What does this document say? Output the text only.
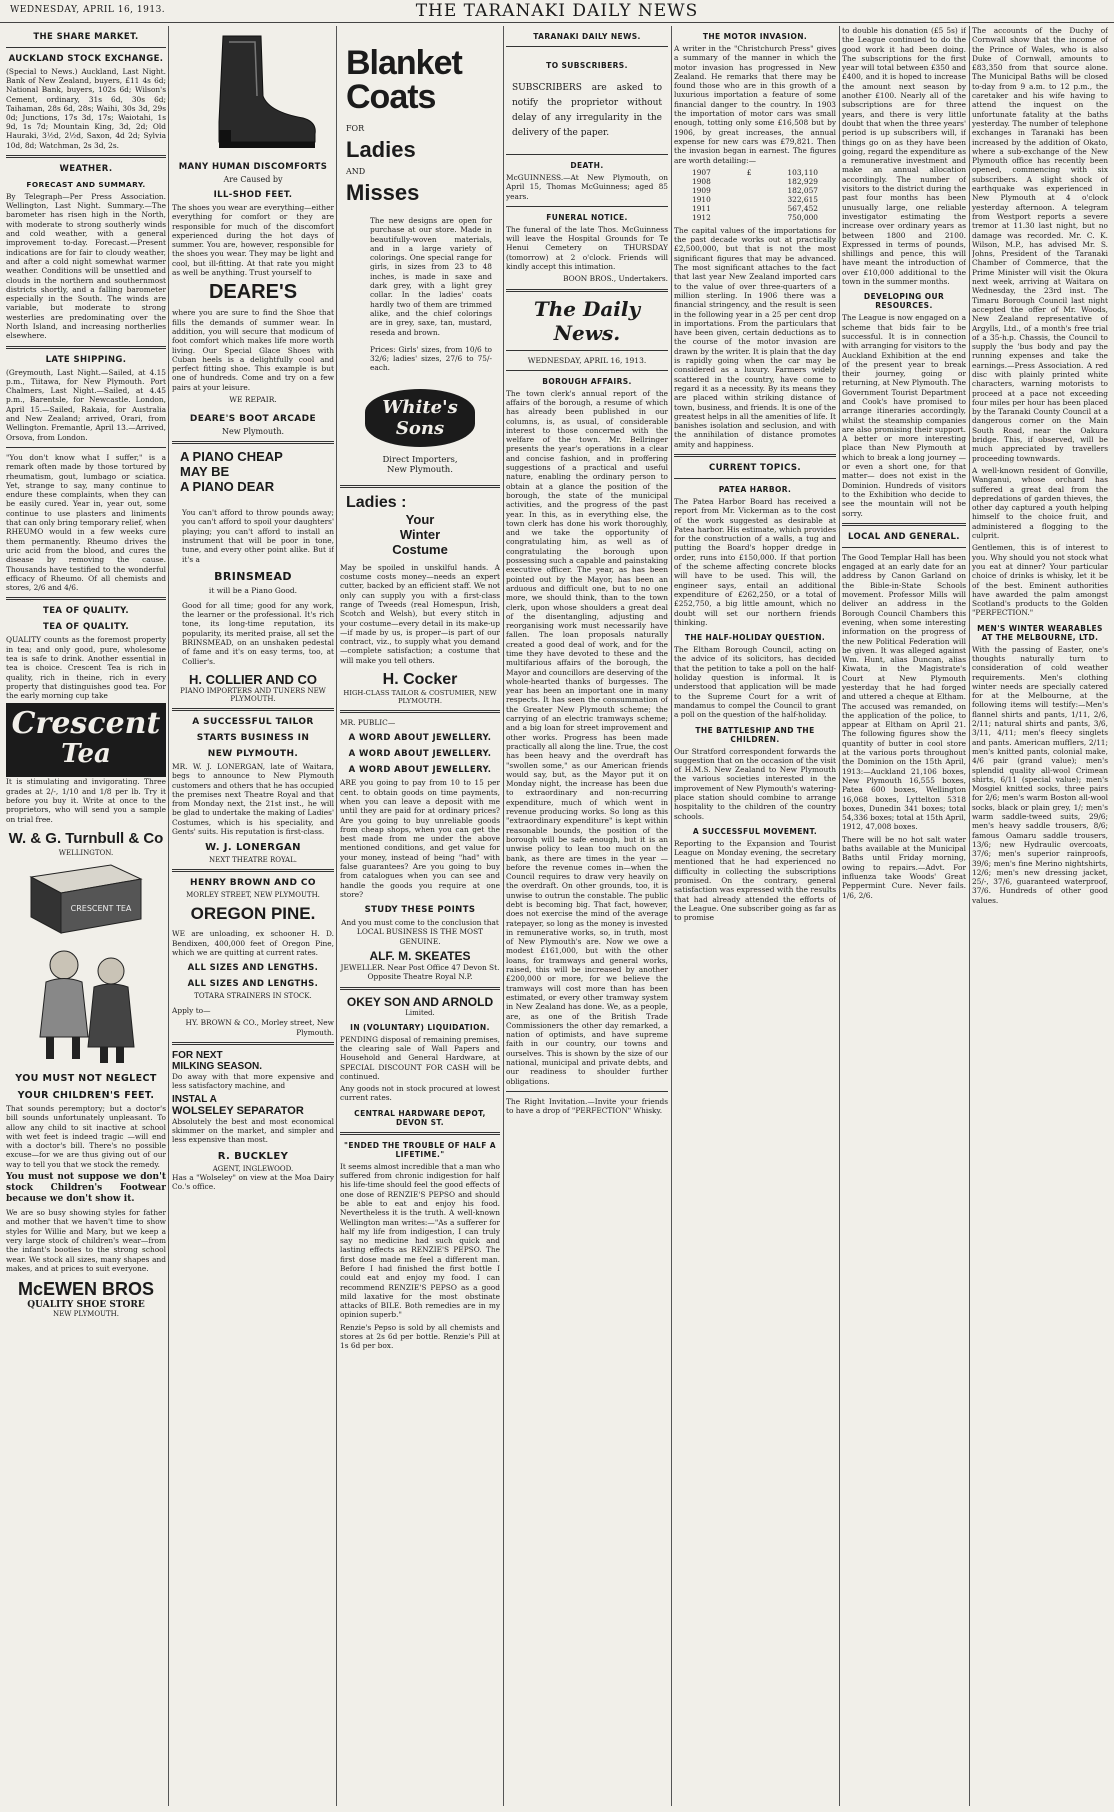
WEDNESDAY, APRIL 16, 1913.	THE TARANAKI DAILY NEWS
THE SHARE MARKET.
AUCKLAND STOCK EXCHANGE.

(Special to News.) Auckland, Last Night. Bank of New Zealand, buyers, £11 4s 6d; National Bank, buyers, 102s 6d; Wilson's Cement, ordinary, 31s 6d, 30s 6d; Taihaman, 28s 6d, 28s; Waihi, 30s 3d, 29s 0d; Junctions, 17s 3d, 17s; Waiotahi, 1s 9d, 1s 7d; Mountain King, 3d, 2d; Old Hauraki, 3½d, 2½d, Saxon, 4d 2d; Sylvia 10d, 8d; Watchman, 2s 3d, 2s.

WEATHER.
FORECAST AND SUMMARY.

By Telegraph—Per Press Association. Wellington, Last Night. Summary.—The barometer has risen high in the North, with moderate to strong southerly winds and cold weather, with a general improvement to-day. Forecast.—Present indications are for fair to cloudy weather, and after a cold night somewhat warmer weather. Conditions will be unsettled and clouds in the northern and southernmost districts shortly, and a falling barometer especially in the South. The winds are variable, but moderate to strong westerlies are predominating over the North Island, and increasing northerlies elsewhere.

LATE SHIPPING.

(Greymouth, Last Night.—Sailed, at 4.15 p.m., Tiitawa, for New Plymouth. Port Chalmers, Last Night.—Sailed, at 4.45 p.m., Barentsle, for Newcastle. London, April 15.—Sailed, Rakaia, for Australia and New Zealand; arrived, Orari, from Wellington. Fremantle, April 13.—Arrived, Orsova, from London.

"You don't know what I suffer," is a remark often made by those tortured by rheumatism, gout, lumbago or sciatica. Yet, strange to say, many continue to endure these complaints, when they can be easily cured. Year in, year out, some continue to use plasters and liniments that can only bring temporary relief, when RHEUMO would in a few weeks cure them permanently. Rheumo drives the uric acid from the blood, and cures the disease by removing the cause. Thousands have testified to the wonderful efficacy of Rheumo. Of all chemists and stores, 2/6 and 4/6.

TEA OF QUALITY.
TEA OF QUALITY.

QUALITY counts as the foremost property in tea; and only good, pure, wholesome tea is safe to drink. Another essential in tea is choice. Crescent Tea is rich in quality, rich in theine, rich in every property that distinguishes good tea. For the early morning cup take

Crescent
Tea

It is stimulating and invigorating. Three grades at 2/-, 1/10 and 1/8 per lb. Try it before you buy it. Write at once to the proprietors, who will send you a sample on trial free.

W. & G. Turnbull & Co
WELLINGTON.
CRESCENT TEA
YOU MUST NOT NEGLECT
YOUR CHILDREN'S FEET.

That sounds peremptory; but a doctor's bill sounds unfortunately unpleasant. To allow any child to sit inactive at school with wet feet is indeed tragic —will end with a doctor's bill. There's no possible excuse—for we are thus giving out of our way to tell you that we stock the remedy.

You must not suppose we don't stock Children's Footwear because we don't show it.

We are so busy showing styles for father and mother that we haven't time to show styles for Willie and Mary, but we keep a very large stock of children's wear—from the infant's booties to the strong school wear. We stock all sizes, many shapes and makes, and at prices to suit everyone.

McEWEN BROS
QUALITY SHOE STORE
NEW PLYMOUTH.
MANY HUMAN DISCOMFORTS
Are Caused by
ILL-SHOD FEET.

The shoes you wear are everything—either everything for comfort or they are responsible for much of the discomfort experienced during the hot days of summer. You are, however, responsible for the shoes you wear. They may be light and cool, but ill-fitting. At that rate you might as well be anything. Trust yourself to

DEARE'S

where you are sure to find the Shoe that fills the demands of summer wear. In addition, you will secure that modicum of foot comfort which makes life more worth living. Our Special Glace Shoes with Cuban heels is a delightfully cool and perfect fitting shoe. This example is but one of hundreds. Come and try on a few pairs at your leisure.

WE REPAIR.
DEARE'S BOOT ARCADE
New Plymouth.
A PIANO CHEAP
MAY BE
A PIANO DEAR

You can't afford to throw pounds away; you can't afford to spoil your daughters' playing; you can't afford to install an instrument that will be poor in tone, tune, and every other point alike. But if it's a

BRINSMEAD
it will be a Piano Good.

Good for all time; good for any work, the learner or the professional. It's rich tone, its long-time reputation, its popularity, its merited praise, all set the BRINSMEAD, on an unshaken pedestal of fame and it's on easy terms, too, at Collier's.

H. COLLIER AND CO
PIANO IMPORTERS AND TUNERS NEW PLYMOUTH.
A SUCCESSFUL TAILOR
STARTS BUSINESS IN
NEW PLYMOUTH.

MR. W. J. LONERGAN, late of Waitara, begs to announce to New Plymouth customers and others that he has occupied the premises next Theatre Royal and that from Monday next, the 21st inst., he will be glad to undertake the making of Ladies' Costumes, which is his speciality, and Gents' suits. His reputation is first-class.

W. J. LONERGAN
NEXT THEATRE ROYAL.
HENRY BROWN AND CO
MORLEY STREET, NEW PLYMOUTH.
OREGON PINE.

WE are unloading, ex schooner H. D. Bendixen, 400,000 feet of Oregon Pine, which we are quitting at current rates.

ALL SIZES AND LENGTHS.
ALL SIZES AND LENGTHS.
TOTARA STRAINERS IN STOCK.

Apply to—

HY. BROWN & CO., Morley street, New Plymouth.

FOR NEXT
MILKING SEASON.

Do away with that more expensive and less satisfactory machine, and

INSTAL A
WOLSELEY SEPARATOR

Absolutely the best and most economical skimmer on the market, and simpler and less expensive than most.

R. BUCKLEY
AGENT, INGLEWOOD.

Has a "Wolseley" on view at the Moa Dairy Co.'s office.

Blanket
Coats
FOR
Ladies
AND
Misses

The new designs are open for purchase at our store. Made in beautifully-woven materials, and in a large variety of colorings. One special range for girls, in sizes from 23 to 48 inches, is made in saxe and dark grey, with a light grey collar. In the ladies' coats hardly two of them are trimmed alike, and the chief colorings are in grey, saxe, tan, mustard, reseda and brown.

Prices: Girls' sizes, from 10/6 to 32/6; ladies' sizes, 27/6 to 75/- each.

White's Sons
Direct Importers,
New Plymouth.
Ladies :
Your
Winter
Costume

May be spoiled in unskilful hands. A costume costs money—needs an expert cutter, backed by an efficient staff. We not only can supply you with a first-class range of Tweeds (real Homespun, Irish, Scotch and Welsh), but every stitch in your costume—every detail in its make-up—if made by us, is proper—is part of our contract, viz., to supply what you demand—complete satisfaction; a costume that will make you tell others.

H. Cocker
HIGH-CLASS TAILOR & COSTUMIER, NEW PLYMOUTH.

MR. PUBLIC—

A WORD ABOUT JEWELLERY.
A WORD ABOUT JEWELLERY.
A WORD ABOUT JEWELLERY.

ARE you going to pay from 10 to 15 per cent. to obtain goods on time payments, when you can leave a deposit with me until they are paid for at ordinary prices? Are you going to buy unreliable goods from cheap shops, when you can get the best made from me under the above mentioned conditions, and get value for your money, instead of being "had" with false guarantees? Are you going to buy from catalogues when you can see and handle the goods you require at one store?

STUDY THESE POINTS

And you must come to the conclusion that LOCAL BUSINESS IS THE MOST GENUINE.

ALF. M. SKEATES

JEWELLER. Near Post Office 47 Devon St. Opposite Theatre Royal N.P.

OKEY SON AND ARNOLD
Limited.
IN (VOLUNTARY) LIQUIDATION.

PENDING disposal of remaining premises, the clearing sale of Wall Papers and Household and General Hardware, at SPECIAL DISCOUNT FOR CASH will be continued.

Any goods not in stock procured at lowest current rates.

CENTRAL HARDWARE DEPOT, DEVON ST.
"ENDED THE TROUBLE OF HALF A LIFETIME."

It seems almost incredible that a man who suffered from chronic indigestion for half his life-time should feel the good effects of one dose of RENZIE'S PEPSO and should be able to eat and enjoy his food. Nevertheless it is the truth. A well-known Wellington man writes:—"As a sufferer for half my life from indigestion, I can truly say no medicine had such quick and lasting effects as RENZIE'S PEPSO. The first dose made me feel a different man. Before I had finished the first bottle I could eat and enjoy my food. I can recommend RENZIE'S PEPSO as a good mild laxative for the most obstinate attacks of BILE. Both remedies are in my opinion superb."

Renzie's Pepso is sold by all chemists and stores at 2s 6d per bottle. Renzie's Pill at 1s 6d per box.

TARANAKI DAILY NEWS.
TO SUBSCRIBERS.

SUBSCRIBERS are asked to notify the proprietor without delay of any irregularity in the delivery of the paper.

DEATH.

McGUINNESS.—At New Plymouth, on April 15, Thomas McGuinness; aged 85 years.

FUNERAL NOTICE.

The funeral of the late Thos. McGuinness will leave the Hospital Grounds for Te Henui Cemetery on THURSDAY (tomorrow) at 2 o'clock. Friends will kindly accept this intimation.

BOON BROS., Undertakers.

The Daily News.
WEDNESDAY, APRIL 16, 1913.
BOROUGH AFFAIRS.

The town clerk's annual report of the affairs of the borough, a resume of which has already been published in our columns, is, as usual, of considerable interest to those concerned with the welfare of the town. Mr. Bellringer presents the year's operations in a clear and concise fashion, and in proffering suggestions of a practical and useful nature, enabling the ordinary person to obtain at a glance the position of the borough, the state of the municipal activities, and the progress of the past year. In this, as in everything else, the town clerk has done his work thoroughly, and we take the opportunity of congratulating him, as well as of congratulating the borough upon possessing such a capable and painstaking executive officer. The year, as has been pointed out by the Mayor, has been an arduous and difficult one, but to no one more, we should think, than to the town clerk, upon whose shoulders a great deal of the disentangling, adjusting and reorganising work must necessarily have fallen. The loan proposals naturally created a good deal of work, and for the time they have devoted to these and the multifarious affairs of the borough, the Mayor and councillors are deserving of the whole-hearted thanks of burgesses. The year has been an important one in many respects. It has seen the consummation of the Greater New Plymouth scheme; the carrying of an electric tramways scheme; and a big loan for street improvement and other works. Progress has been made practically all along the line. True, the cost has been heavy and the overdraft has "swollen some," as our American friends would say, but, as the Mayor put it on Monday night, the increase has been due to extraordinary and non-recurring expenditure, much of which went in revenue producing works. So long as this "extraordinary expenditure" is kept within reasonable bounds, the position of the borough will be safe enough, but it is an unwise policy to lean too much on the bank, as there are times in the year —before the revenue comes in—when the Council requires to draw very heavily on the overdraft. On other grounds, too, it is unwise to outrun the constable. The public debt is becoming big. That fact, however, does not exercise the mind of the average ratepayer, so long as the money is invested in remunerative works, so, in truth, most of New Plymouth's are. Now we owe a modest £161,000, but with the other loans, for tramways and general works, raised, this will be increased by another £200,000 or more, for we believe the tramways will cost more than has been estimated, or every other tramway system in New Zealand has done. We, as a people, are, as one of the British Trade Commissioners the other day remarked, a nation of optimists, and have supreme faith in our country, our towns and ourselves. This is shown by the size of our national, municipal and private debts, and our readiness to shoulder further obligations.

The Right Invitation.—Invite your friends to have a drop of "PERFECTION" Whisky.

THE MOTOR INVASION.

A writer in the "Christchurch Press" gives a summary of the manner in which the motor invasion has progressed in New Zealand. He remarks that there may be found those who are in this growth of a luxurious importation a feature of some financial danger to the country. In 1903 the importation of motor cars was small enough, totting only some £16,508 but by 1906, by great increases, the annual expense for new cars was £79,821. Then the invasion began in earnest. The figures are worth detailing:—

1907	£	103,110
1908	182,929
1909	182,057
1910	322,615
1911	567,452
1912	750,000

The capital values of the importations for the past decade works out at practically £2,500,000, but that is not the most significant figures that may be advanced. The most significant attaches to the fact that last year New Zealand imported cars to the value of over three-quarters of a million sterling. In 1906 there was a financial stringency, and the result is seen in the following year in a 25 per cent drop in importations. From the particulars that have been given, certain deductions as to the course of the motor invasion are drawn by the writer. It is plain that the day is rapidly going when the car may be considered as a luxury. Farmers widely scattered in the country, have come to regard it as a necessity. By its means they are placed within striking distance of town, business, and friends. It is one of the greatest helps in all the amenities of life. It banishes isolation and seclusion, and with the annihilation of distance promotes amity and happiness.

CURRENT TOPICS.
PATEA HARBOR.

The Patea Harbor Board has received a report from Mr. Vickerman as to the cost of the work suggested as desirable at Patea harbor. His estimate, which provides for the construction of a walls, a tug and putting the Board's hopper dredge in order, runs into £150,000. If that portion of the scheme affecting concrete blocks will have to be used. This will, the engineer says, entail an additional expenditure of £262,250, or a total of £252,750, a big little amount, which no doubt will set our northern friends thinking.

THE HALF-HOLIDAY QUESTION.

The Eltham Borough Council, acting on the advice of its solicitors, has decided that the petition to take a poll on the half-holiday question is informal. It is understood that application will be made to the Supreme Court for a writ of mandamus to compel the Council to grant a poll on the question of the half-holiday.

THE BATTLESHIP AND THE CHILDREN.

Our Stratford correspondent forwards the suggestion that on the occasion of the visit of H.M.S. New Zealand to New Plymouth the various societies interested in the improvement of New Plymouth's watering-place station should combine to arrange hospitality to the children of the country schools.

A SUCCESSFUL MOVEMENT.

Reporting to the Expansion and Tourist League on Monday evening, the secretary mentioned that he had experienced no difficulty in collecting the subscriptions promised. On the contrary, general satisfaction was expressed with the results that had already attended the efforts of the League. One subscriber going as far as to promise

to double his donation (£5 5s) if the League continued to do the good work it had been doing. The subscriptions for the first year will total between £350 and £400, and it is hoped to increase the amount next season by another £100. Nearly all of the subscriptions are for three years, and there is very little doubt that when the three years' period is up subscribers will, if things go on as they have been going, regard the expenditure as a remunerative investment and make an annual allocation accordingly. The number of visitors to the district during the past four months has been unusually large, one reliable investigator estimating the increase over ordinary years as between 1800 and 2100. Expressed in terms of pounds, shillings and pence, this will have meant the introduction of over £10,000 additional to the town in the summer months.

DEVELOPING OUR RESOURCES.

The League is now engaged on a scheme that bids fair to be successful. It is in connection with arranging for visitors to the Auckland Exhibition at the end of the present year to break their journey, going or returning, at New Plymouth. The Government Tourist Department and Cook's have promised to arrange itineraries accordingly, whilst the steamship companies are also promising their support. A better or more interesting place than New Plymouth at which to break a long journey —or even a short one, for that matter— does not exist in the Dominion. Hundreds of visitors to the Exhibition who decide to see the mountain will not be sorry.

LOCAL AND GENERAL.

The Good Templar Hall has been engaged at an early date for an address by Canon Garland on the Bible-in-State Schools movement. Professor Mills will deliver an address in the Borough Council Chambers this evening, when some interesting information on the progress of the new Political Federation will be given. It was alleged against Wm. Hunt, alias Duncan, alias Kiwata, in the Magistrate's Court at New Plymouth yesterday that he had forged and uttered a cheque at Eltham. The accused was remanded, on the application of the police, to appear at Eltham on April 21. The following figures show the quantity of butter in cool store at the various ports throughout the Dominion on the 15th April, 1913:—Auckland 21,106 boxes, New Plymouth 16,555 boxes, Patea 600 boxes, Wellington 16,068 boxes, Lyttelton 5318 boxes, Dunedin 341 boxes; total 54,336 boxes; total at 15th April, 1912, 47,008 boxes.

There will be no hot salt water baths available at the Municipal Baths until Friday morning, owing to repairs.—Advt. For influenza take Woods' Great Peppermint Cure. Never fails. 1/6, 2/6.

The accounts of the Duchy of Cornwall show that the income of the Prince of Wales, who is also Duke of Cornwall, amounts to £83,350 from that source alone. The Municipal Baths will be closed to-day from 9 a.m. to 12 p.m., the caretaker and his wife having to attend the inquest on the unfortunate fatality at the baths yesterday. The number of telephone exchanges in Taranaki has been increased by the addition of Okato, where a sub-exchange of the New Plymouth office has recently been opened, commencing with six subscribers. A slight shock of earthquake was experienced in New Plymouth at 4 o'clock yesterday afternoon. A telegram from Westport reports a severe tremor at 11.30 last night, but no damage was recorded. Mr. C. K. Wilson, M.P., has advised Mr. S. Johns, President of the Taranaki Chamber of Commerce, that the Prime Minister will visit the Okura next week, arriving at Waitara on Wednesday, the 23rd inst. The Timaru Borough Council last night accepted the offer of Mr. Woods, New Zealand representative of Argylls, Ltd., of a month's free trial of a 35-h.p. Chassis, the Council to supply the 'bus body and pay the running expenses and take the earnings.—Press Association. A red disc with plainly printed white characters, warning motorists to proceed at a pace not exceeding four miles per hour has been placed by the Taranaki County Council at a dangerous corner on the Main South Road, near the Oakura bridge. This, if observed, will be much appreciated by travellers proceeding townwards.

A well-known resident of Gonville, Wanganui, whose orchard has suffered a great deal from the depredations of garden thieves, the other day captured a youth helping himself to the choice fruit, and administered a flogging to the culprit.

Gentlemen, this is of interest to you. Why should you not stock what you eat at dinner? Your particular choice of drinks is whisky, let it be of the best. Eminent authorities have awarded the palm amongst Scotland's products to the Golden "PERFECTION."

MEN'S WINTER WEARABLES AT THE MELBOURNE, LTD.

With the passing of Easter, one's thoughts naturally turn to consideration of cold weather requirements. Men's clothing winter needs are specially catered for at the Melbourne, at the following items will testify:—Men's flannel shirts and pants, 1/11, 2/6, 2/11; natural shirts and pants, 3/6, 3/11, 4/11; men's fleecy singlets and pants. American mufflers, 2/11; men's knitted pants, colonial make, 4/6 pair (grand value); men's splendid quality all-wool Crimean shirts, 6/11 (special value); men's Mosgiel knitted socks, three pairs for 2/6; men's warm Boston all-wool socks, black or plain grey, 1/; men's warm saddle-tweed suits, 29/6; men's heavy saddle trousers, 8/6; famous Oamaru saddle trousers, 13/6; new Hydraulic overcoats, 37/6; men's superior rainproofs, 39/6; men's fine Merino nightshirts, 12/6; men's new dressing jacket, 25/-, 37/6, guaranteed waterproof, 37/6. Hundreds of other good values.
